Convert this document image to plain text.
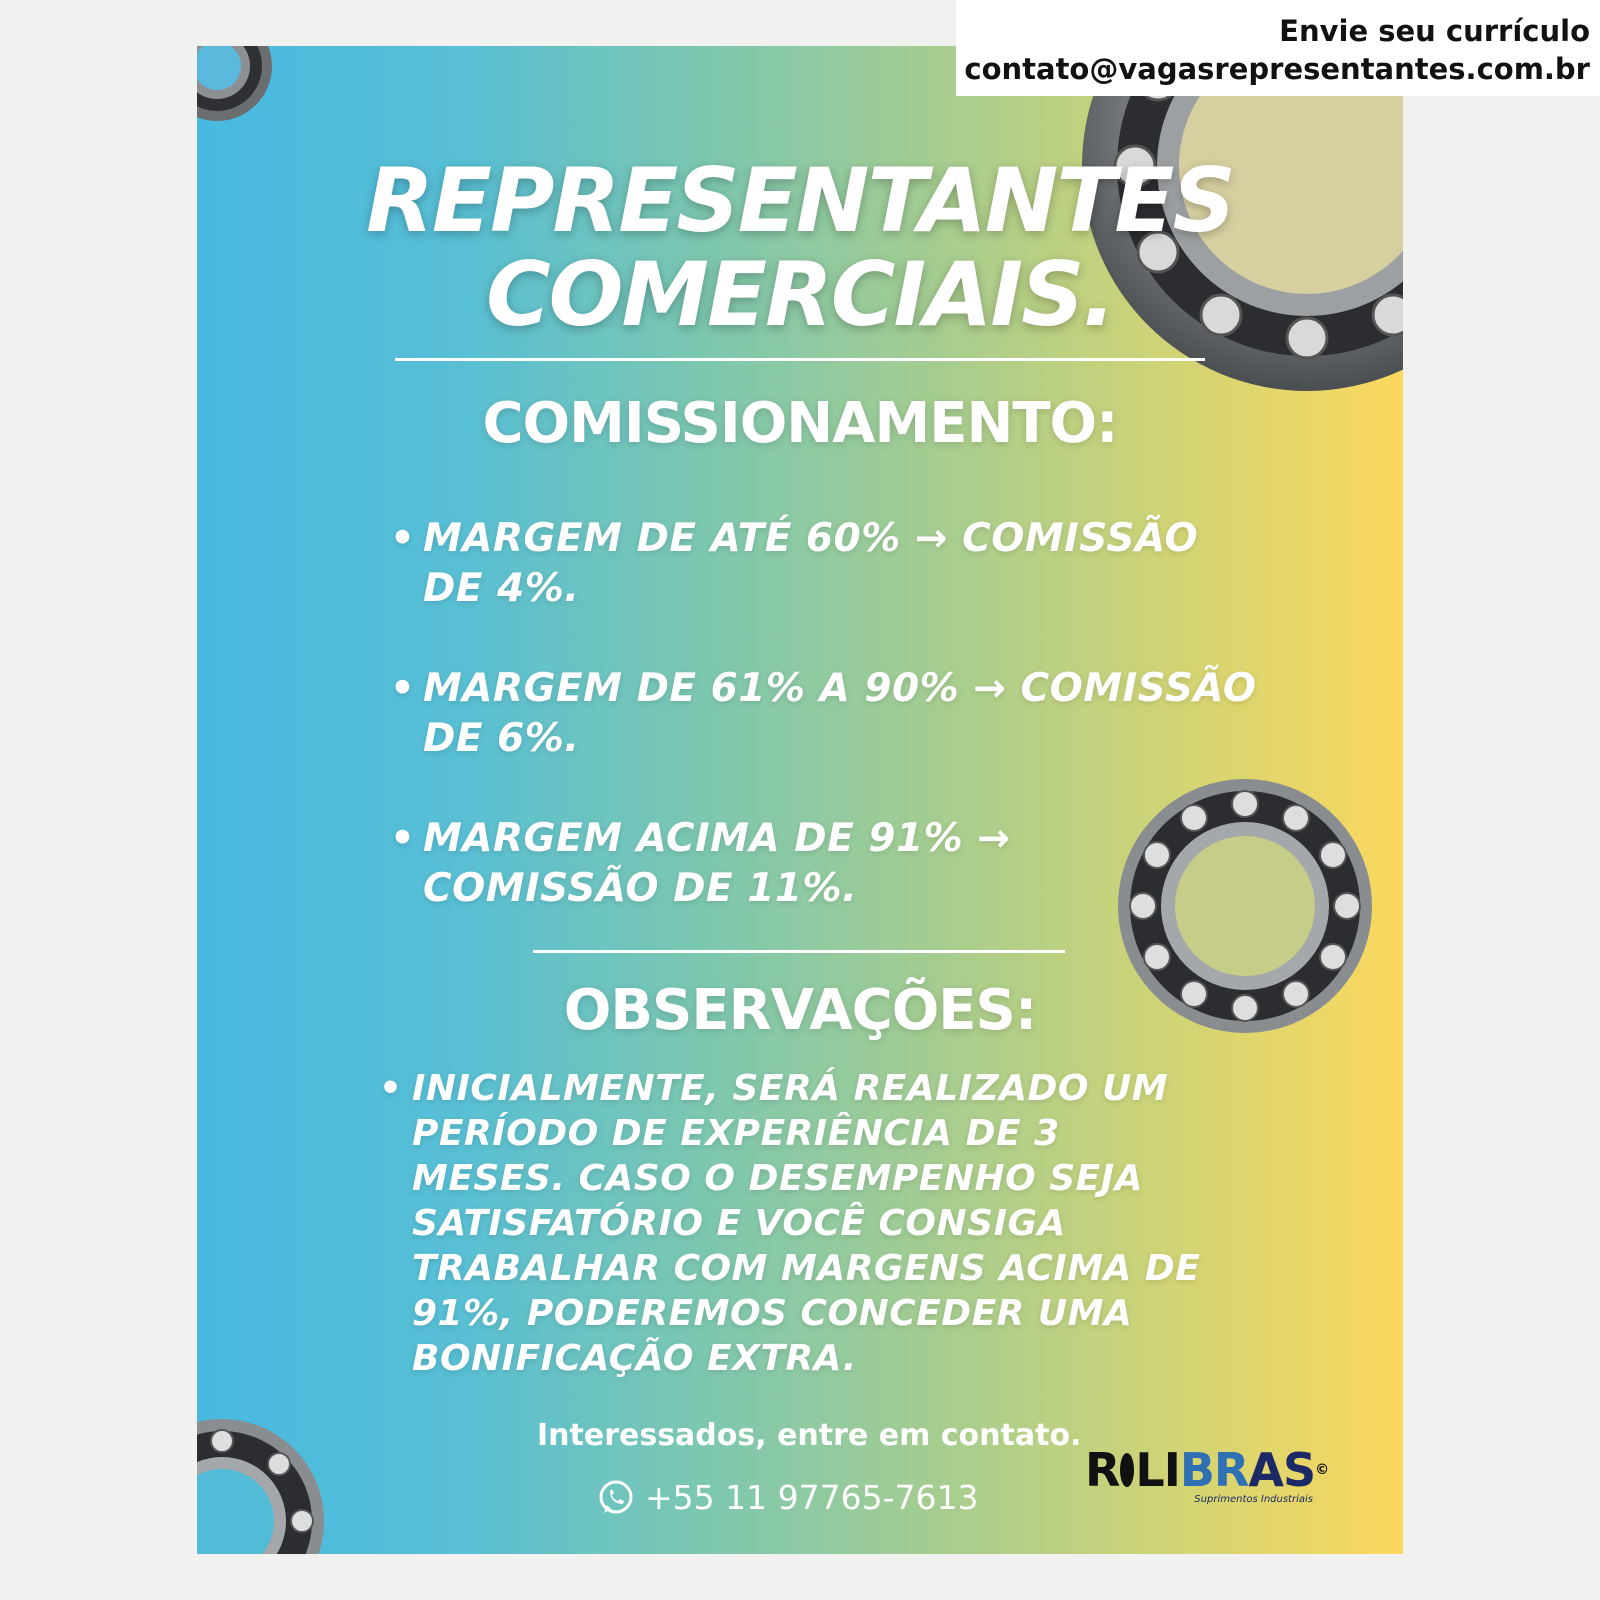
Envie seu currículo
contato@vagasrepresentantes.com.br
REPRESENTANTES
COMERCIAIS.
COMISSIONAMENTO:
• MARGEM DE ATÉ 60% → COMISSÃO
DE 4%.
• MARGEM DE 61% A 90% → COMISSÃO
DE 6%.
• MARGEM ACIMA DE 91% →
COMISSÃO DE 11%.
OBSERVAÇÕES:
• INICIALMENTE, SERÁ REALIZADO UM
PERÍODO DE EXPERIÊNCIA DE 3
MESES. CASO O DESEMPENHO SEJA
SATISFATÓRIO E VOCÊ CONSIGA
TRABALHAR COM MARGENS ACIMA DE
91%, PODEREMOS CONCEDER UMA
BONIFICAÇÃO EXTRA.
Interessados, entre em contato.
+55 11 97765-7613
R LI BR AS ©
Suprimentos Industriais
